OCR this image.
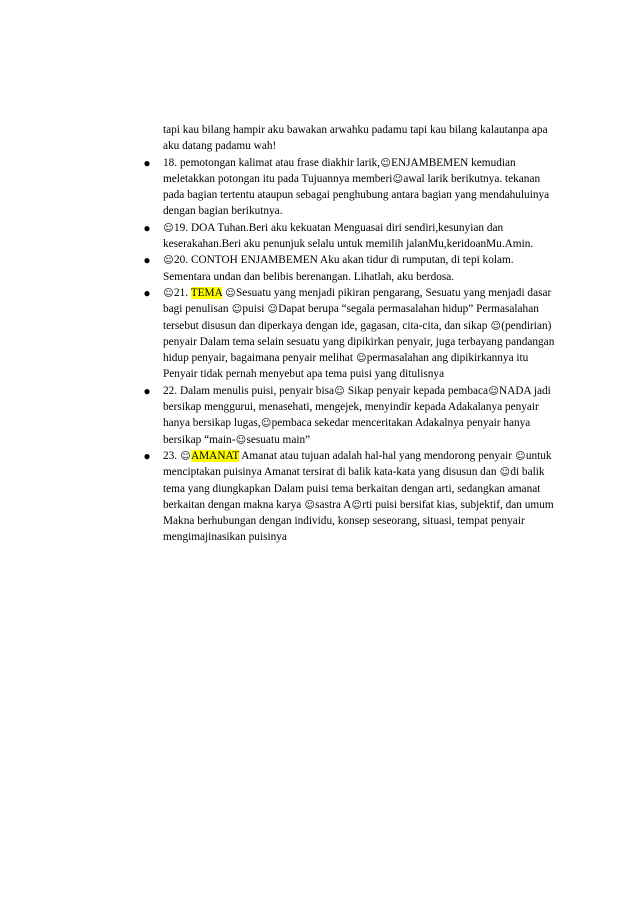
tapi kau bilang hampir aku bawakan arwahku padamu tapi kau bilang kalautanpa apa aku datang padamu wah!

● 18. pemotongan kalimat atau frase diakhir larik,☺ENJAMBEMEN kemudian meletakkan potongan itu pada Tujuannya memberi☺awal larik berikutnya. tekanan pada bagian tertentu ataupun sebagai penghubung antara bagian yang mendahuluinya dengan bagian berikutnya.

●	☺19. DOA Tuhan.Beri aku kekuatan Menguasai diri sendiri,kesunyian dan keserakahan.Beri aku penunjuk selalu untuk memilih jalanMu,keridoanMu.Amin.

●	☺20. CONTOH ENJAMBEMEN Aku akan tidur di rumputan, di tepi kolam. Sementara undan dan belibis berenangan. Lihatlah, aku berdosa.

●	☺21. TEMA ☺Sesuatu yang menjadi pikiran pengarang, Sesuatu yang menjadi dasar bagi penulisan ☺puisi ☺Dapat berupa “segala permasalahan hidup” Permasalahan tersebut disusun dan diperkaya dengan ide, gagasan, cita-cita, dan sikap ☺(pendirian) penyair Dalam tema selain sesuatu yang dipikirkan penyair, juga terbayang pandangan hidup penyair, bagaimana penyair melihat ☺permasalahan ang dipikirkannya itu Penyair tidak pernah menyebut apa tema puisi yang ditulisnya

● 22. Dalam menulis puisi, penyair bisa☺ Sikap penyair kepada pembaca☺NADA jadi bersikap menggurui, menasehati, mengejek, menyindir kepada Adakalanya penyair hanya bersikap lugas,☺pembaca sekedar menceritakan Adakalnya penyair hanya bersikap “main-☺sesuatu main”

● 23. ☺AMANAT Amanat atau tujuan adalah hal-hal yang mendorong penyair ☺untuk menciptakan puisinya Amanat tersirat di balik kata-kata yang disusun dan ☺di balik tema yang diungkapkan Dalam puisi tema berkaitan dengan arti, sedangkan amanat berkaitan dengan makna karya ☺sastra A☺rti puisi bersifat kias, subjektif, dan umum Makna berhubungan dengan individu, konsep seseorang, situasi, tempat penyair mengimajinasikan puisinya
